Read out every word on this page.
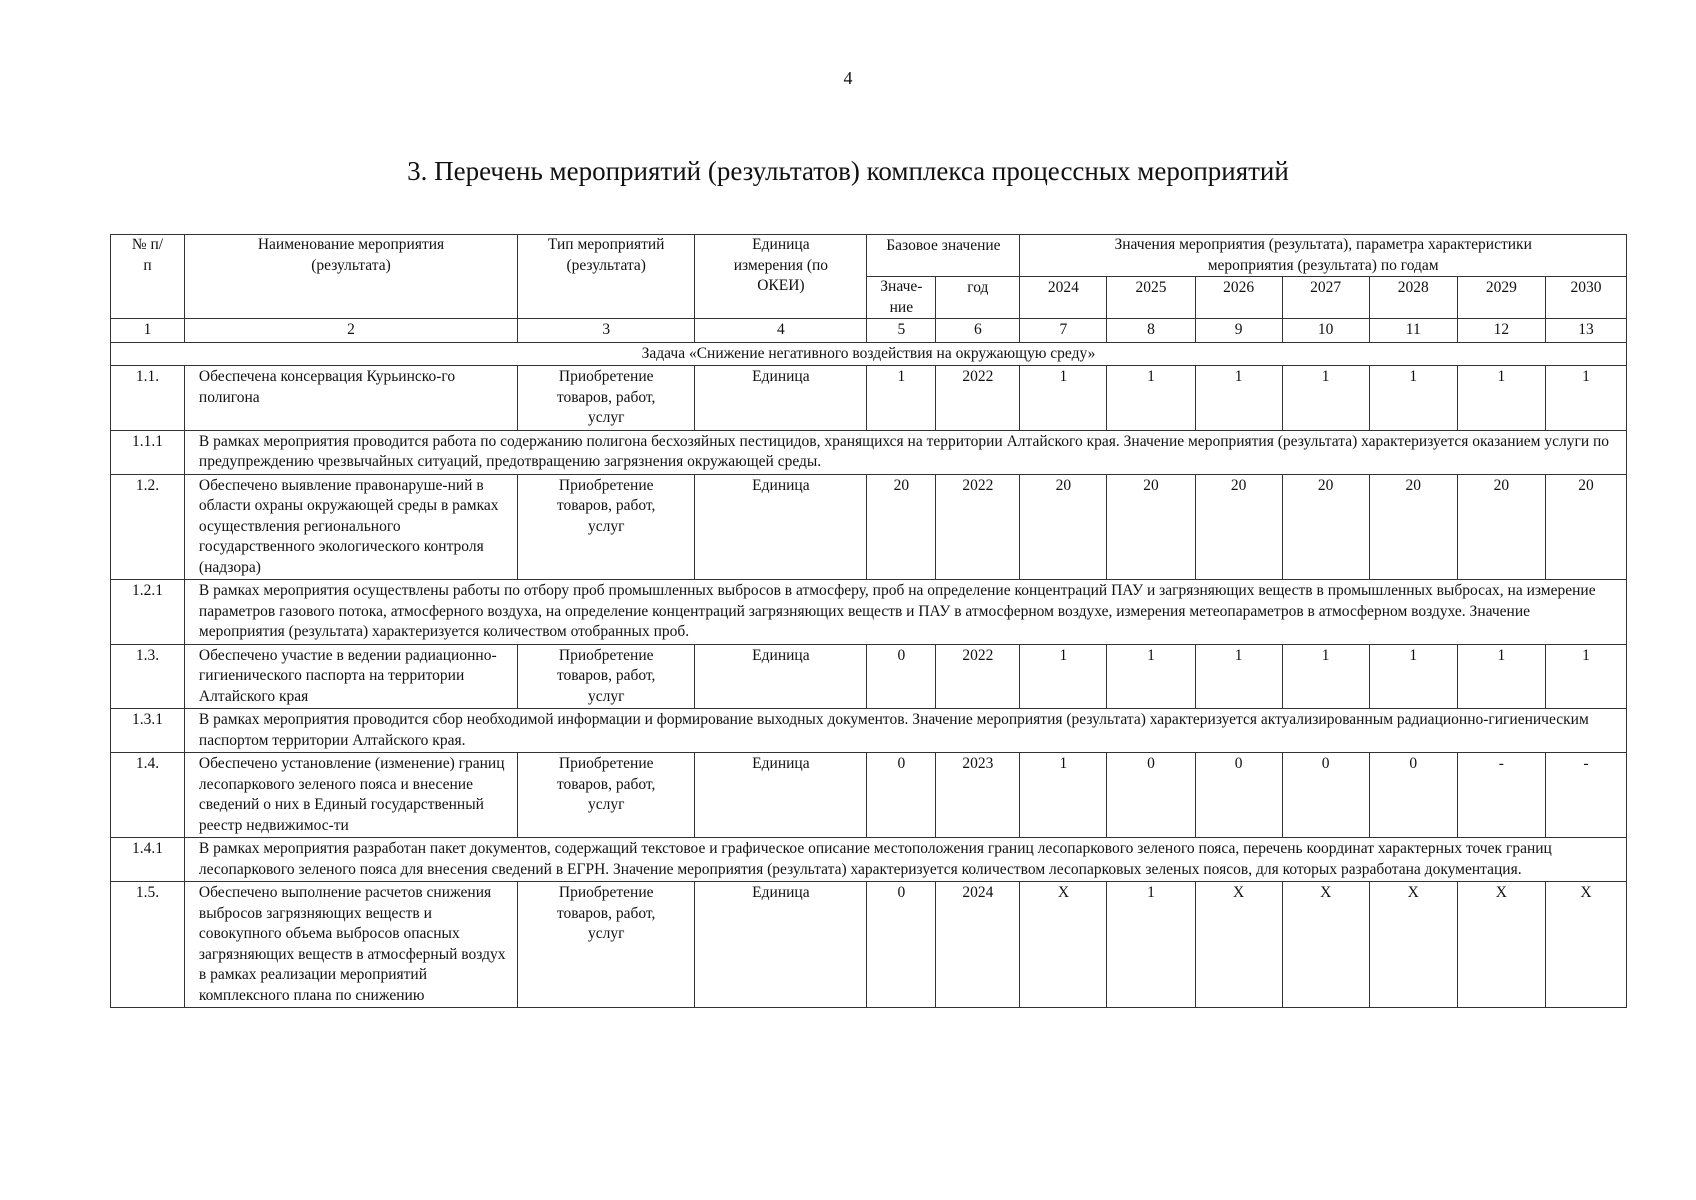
4
3. Перечень мероприятий (результатов) комплекса процессных мероприятий
№ п/п	Наименование мероприятия (результата)	Тип мероприятий (результата)	Единица измерения (по ОКЕИ)	Базовое значение		Значения мероприятия (результата), параметра характеристики мероприятия (результата) по годам						
				Значе-ние	год	2024	2025	2026	2027	2028	2029	2030
1	2	3	4	5	6	7	8	9	10	11	12	13
Задача «Снижение негативного воздействия на окружающую среду»												
1.1.	Обеспечена консервация Курьинско-го полигона	Приобретение товаров, работ, услуг	Единица	1	2022	1	1	1	1	1	1	1
1.1.1	В рамках мероприятия проводится работа по содержанию полигона бесхозяйных пестицидов, хранящихся на территории Алтайского края. Значение мероприятия (результата) характеризуется оказанием услуги по предупреждению чрезвычайных ситуаций, предотвращению загрязнения окружающей среды.											
1.2.	Обеспечено выявление правонаруше-ний в области охраны окружающей среды в рамках осуществления регионального государственного экологического контроля (надзора)	Приобретение товаров, работ, услуг	Единица	20	2022	20	20	20	20	20	20	20
1.2.1	В рамках мероприятия осуществлены работы по отбору проб промышленных выбросов в атмосферу, проб на определение концентраций ПАУ и загрязняющих веществ в промышленных выбросах, на измерение параметров газового потока, атмосферного воздуха, на определение концентраций загрязняющих веществ и ПАУ в атмосферном воздухе, измерения метеопараметров в атмосферном воздухе. Значение мероприятия (результата) характеризуется количеством отобранных проб.											
1.3.	Обеспечено участие в ведении радиационно-гигиенического паспорта на территории Алтайского края	Приобретение товаров, работ, услуг	Единица	0	2022	1	1	1	1	1	1	1
1.3.1	В рамках мероприятия проводится сбор необходимой информации и формирование выходных документов. Значение мероприятия (результата) характеризуется актуализированным радиационно-гигиеническим паспортом территории Алтайского края.											
1.4.	Обеспечено установление (изменение) границ лесопаркового зеленого пояса и внесение сведений о них в Единый государственный реестр недвижимос-ти	Приобретение товаров, работ, услуг	Единица	0	2023	1	0	0	0	0	-	-
1.4.1	В рамках мероприятия разработан пакет документов, содержащий текстовое и графическое описание местоположения границ лесопаркового зеленого пояса, перечень координат характерных точек границ лесопаркового зеленого пояса для внесения сведений в ЕГРН. Значение мероприятия (результата) характеризуется количеством лесопарковых зеленых поясов, для которых разработана документация.											
1.5.	Обеспечено выполнение расчетов снижения выбросов загрязняющих веществ и совокупного объема выбросов опасных загрязняющих веществ в атмосферный воздух в рамках реализации мероприятий комплексного плана по снижению	Приобретение товаров, работ, услуг	Единица	0	2024	X	1	X	X	X	X	X
